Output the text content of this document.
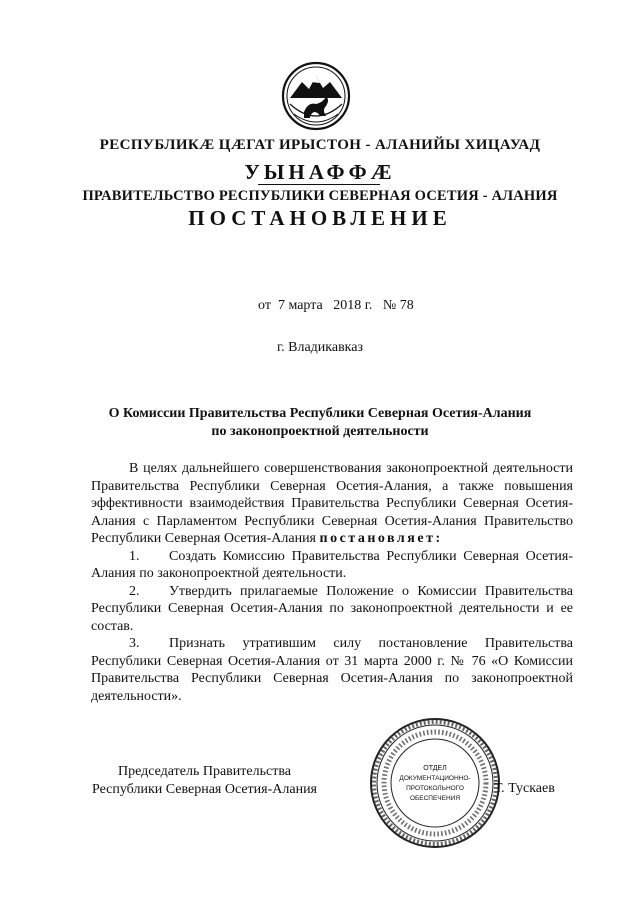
РЕСПУБЛИКӔ ЦӔГАТ ИРЫСТОН - АЛАНИЙЫ ХИЦАУАД
УЫНАФФӔ
ПРАВИТЕЛЬСТВО РЕСПУБЛИКИ СЕВЕРНАЯ ОСЕТИЯ - АЛАНИЯ
ПОСТАНОВЛЕНИЕ
от 7 марта 2018 г. № 78
г. Владикавказ
О Комиссии Правительства Республики Северная Осетия-Алания
по законопроектной деятельности

В целях дальнейшего совершенствования законопроектной деятельности Правительства Республики Северная Осетия-Алания, а также повышения эффективности взаимодействия Правительства Республики Северная Осетия-Алания с Парламентом Республики Северная Осетия-Алания Правительство Республики Северная Осетия-Алания постановляет:

1. Создать Комиссию Правительства Республики Северная Осетия-Алания по законопроектной деятельности.

2. Утвердить прилагаемые Положение о Комиссии Правительства Республики Северная Осетия-Алания по законопроектной деятельности и ее состав.

3. Признать утратившим силу постановление Правительства Республики Северная Осетия-Алания от 31 марта 2000 г. № 76 «О Комиссии Правительства Республики Северная Осетия-Алания по законопроектной деятельности».

ОТДЕЛ
ДОКУМЕНТАЦИОННО-
ПРОТОКОЛЬНОГО
ОБЕСПЕЧЕНИЯ
Председатель Правительства
Республики Северная Осетия-Алания	Т. Тускаев
